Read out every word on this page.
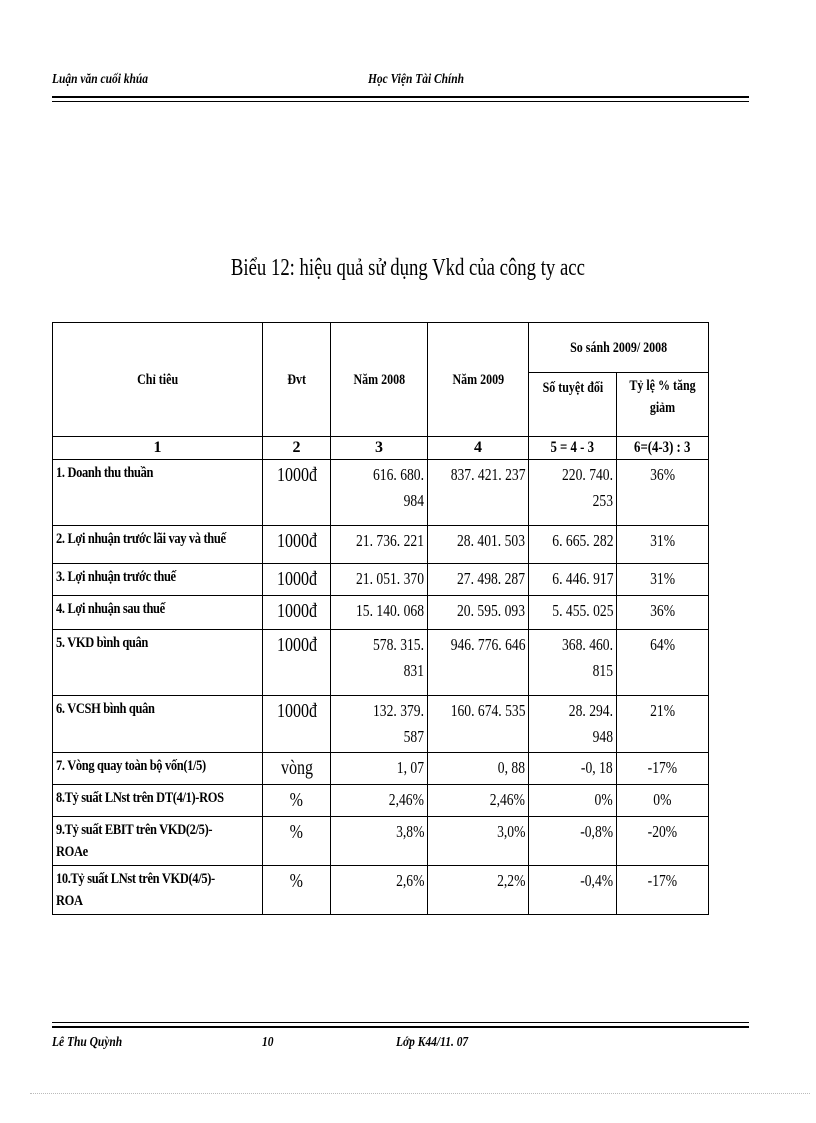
Luận văn cuối khúa	Học Viện Tài Chính
Biểu 12: hiệu quả sử dụng Vkd của công ty acc
Chỉ tiêu	Đvt	Năm 2008	Năm 2009	So sánh 2009/ 2008	
				Số tuyệt đối	Tỷ lệ % tăng giảm
1	2	3	4	5 = 4 - 3	6=(4-3) : 3
1. Doanh thu thuần	1000đ	616. 680. 984	837. 421. 237	220. 740. 253	36%
2. Lợi nhuận trước lãi vay và thuế	1000đ	21. 736. 221	28. 401. 503	6. 665. 282	31%
3. Lợi nhuận trước thuế	1000đ	21. 051. 370	27. 498. 287	6. 446. 917	31%
4. Lợi nhuận sau thuế	1000đ	15. 140. 068	20. 595. 093	5. 455. 025	36%
5. VKD bình quân	1000đ	578. 315. 831	946. 776. 646	368. 460. 815	64%
6. VCSH bình quân	1000đ	132. 379. 587	160. 674. 535	28. 294. 948	21%
7. Vòng quay toàn bộ vốn(1/5)	vòng	1, 07	0, 88	-0, 18	-17%
8.Tỷ suất LNst trên DT(4/1)-ROS	%	2,46%	2,46%	0%	0%
9.Tỷ suất EBIT trên VKD(2/5)-ROAe	%	3,8%	3,0%	-0,8%	-20%
10.Tỷ suất LNst trên VKD(4/5)-ROA	%	2,6%	2,2%	-0,4%	-17%
Lê Thu Quỳnh	10	Lớp K44/11. 07
